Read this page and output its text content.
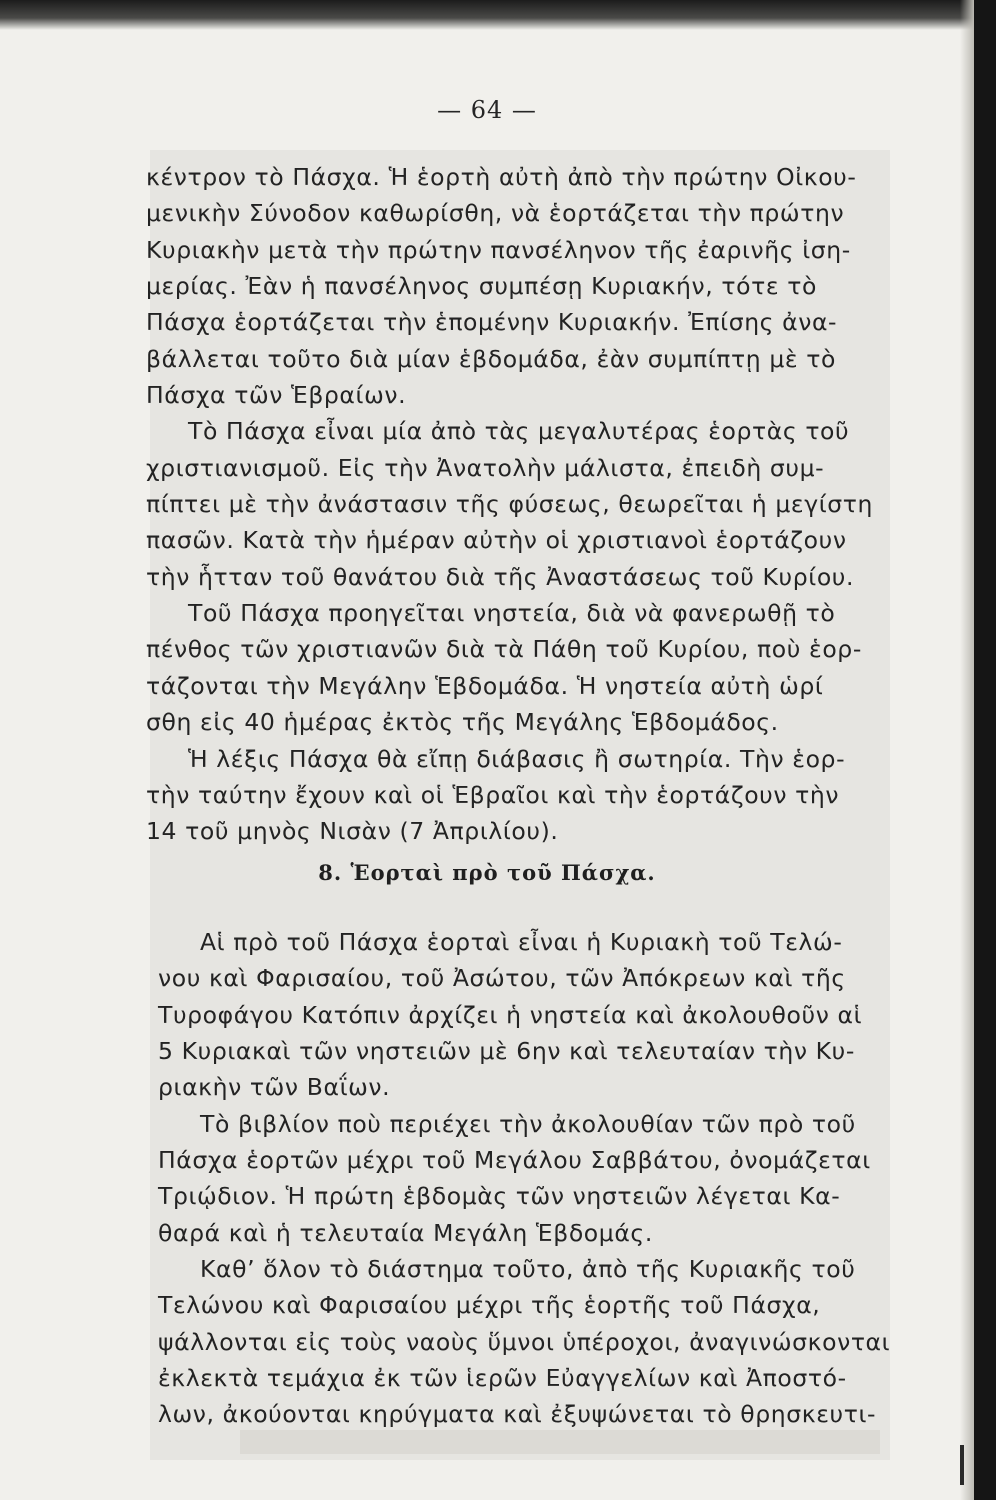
— 64 —
κέντρον τὸ Πάσχα. Ἡ ἑορτὴ αὐτὴ ἀπὸ τὴν πρώτην Οἰκου-
μενικὴν Σύνοδον καθωρίσθη, νὰ ἑορτάζεται τὴν πρώτην
Κυριακὴν μετὰ τὴν πρώτην πανσέληνον τῆς ἐαρινῆς ἰση-
μερίας. Ἐὰν ἡ πανσέληνος συμπέσῃ Κυριακήν, τότε τὸ
Πάσχα ἑορτάζεται τὴν ἑπομένην Κυριακήν. Ἐπίσης ἀνα-
βάλλεται τοῦτο διὰ μίαν ἑβδομάδα, ἐὰν συμπίπτῃ μὲ τὸ
Πάσχα τῶν Ἑβραίων.
Τὸ Πάσχα εἶναι μία ἀπὸ τὰς μεγαλυτέρας ἑορτὰς τοῦ
χριστιανισμοῦ. Εἰς τὴν Ἀνατολὴν μάλιστα, ἐπειδὴ συμ-
πίπτει μὲ τὴν ἀνάστασιν τῆς φύσεως, θεωρεῖται ἡ μεγίστη
πασῶν. Κατὰ τὴν ἡμέραν αὐτὴν οἱ χριστιανοὶ ἑορτάζουν
τὴν ἧτταν τοῦ θανάτου διὰ τῆς Ἀναστάσεως τοῦ Κυρίου.
Τοῦ Πάσχα προηγεῖται νηστεία, διὰ νὰ φανερωθῇ τὸ
πένθος τῶν χριστιανῶν διὰ τὰ Πάθη τοῦ Κυρίου, ποὺ ἑορ-
τάζονται τὴν Μεγάλην Ἑβδομάδα. Ἡ νηστεία αὐτὴ ὡρί
σθη εἰς 40 ἡμέρας ἐκτὸς τῆς Μεγάλης Ἑβδομάδος.
Ἡ λέξις Πάσχα θὰ εἴπῃ διάβασις ἢ σωτηρία. Τὴν ἑορ-
τὴν ταύτην ἔχουν καὶ οἱ Ἑβραῖοι καὶ τὴν ἑορτάζουν τὴν
14 τοῦ μηνὸς Νισὰν (7 Ἀπριλίου).
8. Ἑορταὶ πρὸ τοῦ Πάσχα.
Αἱ πρὸ τοῦ Πάσχα ἑορταὶ εἶναι ἡ Κυριακὴ τοῦ Τελώ-
νου καὶ Φαρισαίου, τοῦ Ἀσώτου, τῶν Ἀπόκρεων καὶ τῆς
Τυροφάγου Κατόπιν ἀρχίζει ἡ νηστεία καὶ ἀκολουθοῦν αἱ
5 Κυριακαὶ τῶν νηστειῶν μὲ 6ην καὶ τελευταίαν τὴν Κυ-
ριακὴν τῶν Βαΐων.
Τὸ βιβλίον ποὺ περιέχει τὴν ἀκολουθίαν τῶν πρὸ τοῦ
Πάσχα ἑορτῶν μέχρι τοῦ Μεγάλου Σαββάτου, ὀνομάζεται
Τριῴδιον. Ἡ πρώτη ἑβδομὰς τῶν νηστειῶν λέγεται Κα-
θαρά καὶ ἡ τελευταία Μεγάλη Ἑβδομάς.
Καθ’ ὅλον τὸ διάστημα τοῦτο, ἀπὸ τῆς Κυριακῆς τοῦ
Τελώνου καὶ Φαρισαίου μέχρι τῆς ἑορτῆς τοῦ Πάσχα,
ψάλλονται εἰς τοὺς ναοὺς ὕμνοι ὑπέροχοι, ἀναγινώσκονται
ἐκλεκτὰ τεμάχια ἐκ τῶν ἱερῶν Εὐαγγελίων καὶ Ἀποστό-
λων, ἀκούονται κηρύγματα καὶ ἐξυψώνεται τὸ θρησκευτι-
